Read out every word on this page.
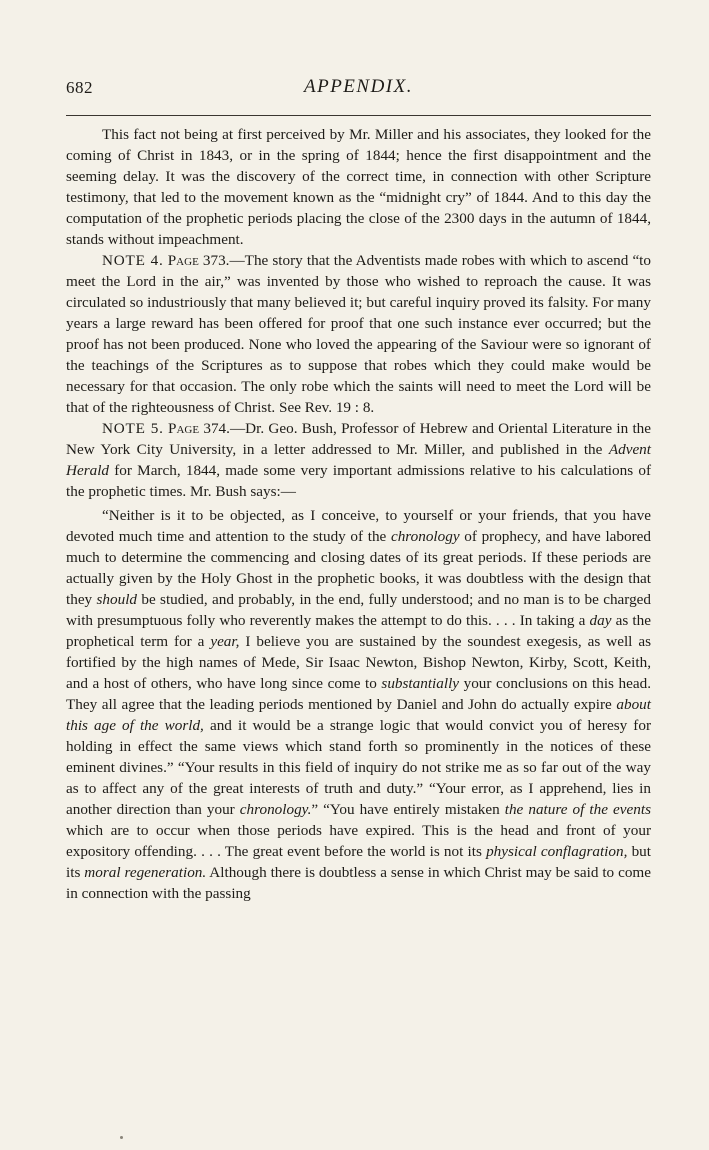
682	APPENDIX.

This fact not being at first perceived by Mr. Miller and his associates, they looked for the coming of Christ in 1843, or in the spring of 1844; hence the first disappointment and the seeming delay. It was the discovery of the correct time, in connection with other Scripture testimony, that led to the movement known as the “midnight cry” of 1844. And to this day the computation of the prophetic periods placing the close of the 2300 days in the autumn of 1844, stands without impeachment.

NOTE 4. Page 373.—The story that the Adventists made robes with which to ascend “to meet the Lord in the air,” was invented by those who wished to reproach the cause. It was circulated so industriously that many believed it; but careful inquiry proved its falsity. For many years a large reward has been offered for proof that one such instance ever occurred; but the proof has not been produced. None who loved the appearing of the Saviour were so ignorant of the teachings of the Scriptures as to suppose that robes which they could make would be necessary for that occasion. The only robe which the saints will need to meet the Lord will be that of the righteousness of Christ. See Rev. 19 : 8.

NOTE 5. Page 374.—Dr. Geo. Bush, Professor of Hebrew and Oriental Literature in the New York City University, in a letter addressed to Mr. Miller, and published in the Advent Herald for March, 1844, made some very important admissions relative to his calculations of the prophetic times. Mr. Bush says:—

“Neither is it to be objected, as I conceive, to yourself or your friends, that you have devoted much time and attention to the study of the chronology of prophecy, and have labored much to determine the commencing and closing dates of its great periods. If these periods are actually given by the Holy Ghost in the prophetic books, it was doubtless with the design that they should be studied, and probably, in the end, fully understood; and no man is to be charged with presumptuous folly who reverently makes the attempt to do this. . . . In taking a day as the prophetical term for a year, I believe you are sustained by the soundest exegesis, as well as fortified by the high names of Mede, Sir Isaac Newton, Bishop Newton, Kirby, Scott, Keith, and a host of others, who have long since come to substantially your conclusions on this head. They all agree that the leading periods mentioned by Daniel and John do actually expire about this age of the world, and it would be a strange logic that would convict you of heresy for holding in effect the same views which stand forth so prominently in the notices of these eminent divines.” “Your results in this field of inquiry do not strike me as so far out of the way as to affect any of the great interests of truth and duty.” “Your error, as I apprehend, lies in another direction than your chronology.” “You have entirely mistaken the nature of the events which are to occur when those periods have expired. This is the head and front of your expository offending. . . . The great event before the world is not its physical conflagration, but its moral regeneration. Although there is doubtless a sense in which Christ may be said to come in connection with the passing
